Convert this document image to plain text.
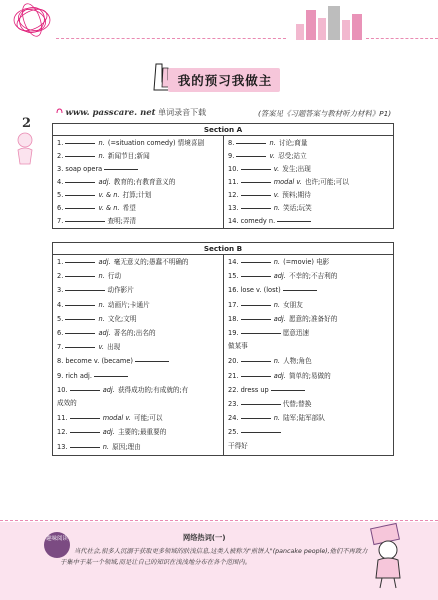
我的预习我做主
2
www. passcare. net 单词录音下载	(答案见《习题答案与教材听力材料》P1)
Section A
1.	n. (=situation comedy) 情境喜剧
2.	n. 新闻节目;新闻
3. soap opera
4.	adj. 教育的;有教育意义的
5.	v. & n. 打算;计划
6.	v. & n. 希望
7.	查明;弄清
8.	n. 讨论;商量
9.	v. 忍受;站立
10.	v. 发生;出现
11.	modal v. 也许;可能;可以
12.	v. 预料;期待
13.	n. 笑话;玩笑
14. comedy n.
Section B
1.	adj. 毫无意义的;愚蠢不明确的
2.	n. 行动
3.	动作影片
4.	n. 动画片;卡通片
5.	n. 文化;文明
6.	adj. 著名的;出名的
7.	v. 出现
8. become v. (became)
9. rich adj.
10.	adj. 获得成功的;有成就的;有
成效的
11.	modal v. 可能;可以
12.	adj. 主要的;最重要的
13.	n. 原因;理由
14.	n. (=movie) 电影
15.	adj. 不幸的;不吉利的
16. lose v. (lost)
17.	n. 女朋友
18.	adj. 愿意的;准备好的
19.	愿意迅速
做某事
20.	n. 人物;角色
21.	adj. 简单的;易做的
22. dress up
23.	代替;替换
24.	n. 陆军;陆军部队
25.
干得好
趣味阅读	网络热词(一)
当代社会,很多人沉溺于获取更多领域的肤浅信息,这类人被称为"煎饼人"(pancake people),他们不再致力于集中于某一个领域,而是让自己的知识在浅浅地分布在各个范围内。
